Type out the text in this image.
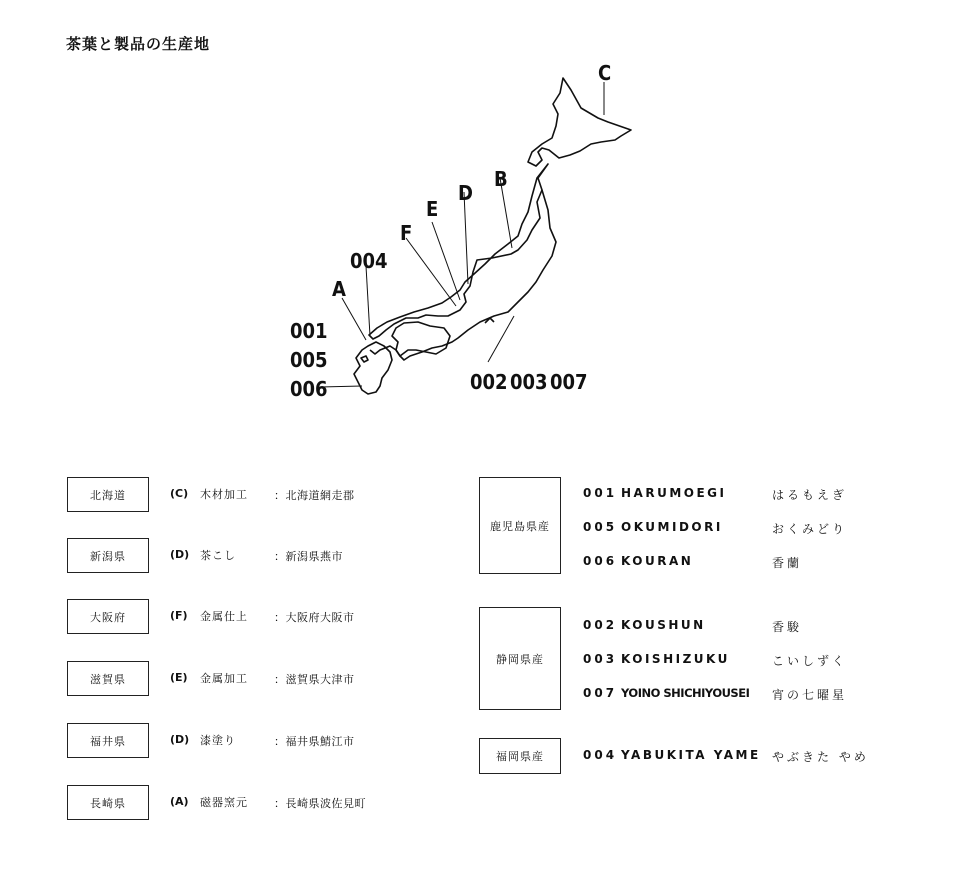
茶葉と製品の生産地
C
B
D
E
F
004
A
001
005
006	002 003 007
北海道	(C) 木材加工 ：北海道網走郡
新潟県	(D) 茶こし	：新潟県燕市
大阪府	(F) 金属仕上 ：大阪府大阪市
滋賀県	(E) 金属加工 ：滋賀県大津市
福井県	(D) 漆塗り	：福井県鯖江市
長崎県	(A) 磁器窯元 ：長崎県波佐見町
鹿児島県産
001 HARUMOEGI	はるもえぎ
005 OKUMIDORI	おくみどり
006 KOURAN	香蘭
静岡県産
002 KOUSHUN	香駿
003 KOISHIZUKU	こいしずく
007 YOINO SHICHIYOUSEI 宵の七曜星
福岡県産	004 YABUKITA YAME やぶきた やめ
